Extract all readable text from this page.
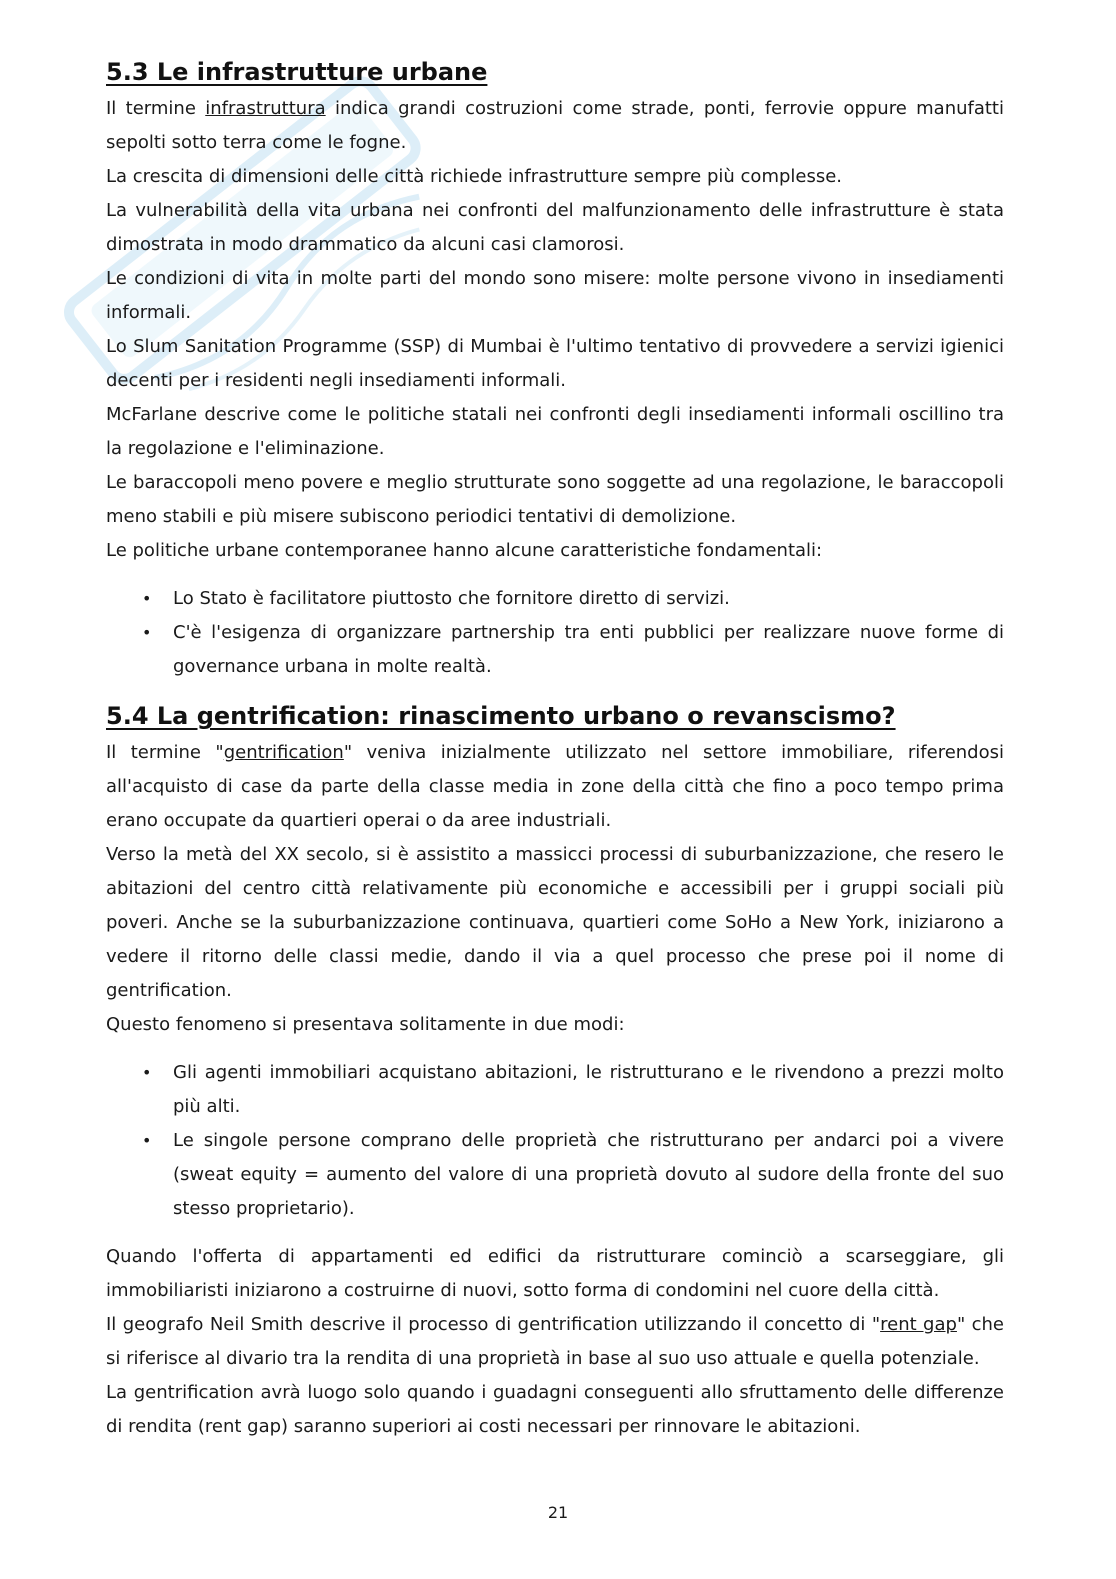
5.3 Le infrastrutture urbane

Il termine infrastruttura indica grandi costruzioni come strade, ponti, ferrovie oppure manufatti sepolti sotto terra come le fogne.

La crescita di dimensioni delle città richiede infrastrutture sempre più complesse.

La vulnerabilità della vita urbana nei confronti del malfunzionamento delle infrastrutture è stata dimostrata in modo drammatico da alcuni casi clamorosi.

Le condizioni di vita in molte parti del mondo sono misere: molte persone vivono in insediamenti informali.

Lo Slum Sanitation Programme (SSP) di Mumbai è l'ultimo tentativo di provvedere a servizi igienici decenti per i residenti negli insediamenti informali.

McFarlane descrive come le politiche statali nei confronti degli insediamenti informali oscillino tra la regolazione e l'eliminazione.

Le baraccopoli meno povere e meglio strutturate sono soggette ad una regolazione, le baraccopoli meno stabili e più misere subiscono periodici tentativi di demolizione.

Le politiche urbane contemporanee hanno alcune caratteristiche fondamentali:

• Lo Stato è facilitatore piuttosto che fornitore diretto di servizi.
• C'è l'esigenza di organizzare partnership tra enti pubblici per realizzare nuove forme di governance urbana in molte realtà.
5.4 La gentrification: rinascimento urbano o revanscismo?

Il termine "gentrification" veniva inizialmente utilizzato nel settore immobiliare, riferendosi all'acquisto di case da parte della classe media in zone della città che fino a poco tempo prima erano occupate da quartieri operai o da aree industriali.

Verso la metà del XX secolo, si è assistito a massicci processi di suburbanizzazione, che resero le abitazioni del centro città relativamente più economiche e accessibili per i gruppi sociali più poveri. Anche se la suburbanizzazione continuava, quartieri come SoHo a New York, iniziarono a vedere il ritorno delle classi medie, dando il via a quel processo che prese poi il nome di gentrification.

Questo fenomeno si presentava solitamente in due modi:

• Gli agenti immobiliari acquistano abitazioni, le ristrutturano e le rivendono a prezzi molto più alti.
• Le singole persone comprano delle proprietà che ristrutturano per andarci poi a vivere (sweat equity = aumento del valore di una proprietà dovuto al sudore della fronte del suo stesso proprietario).

Quando l'offerta di appartamenti ed edifici da ristrutturare cominciò a scarseggiare, gli immobiliaristi iniziarono a costruirne di nuovi, sotto forma di condomini nel cuore della città.

Il geografo Neil Smith descrive il processo di gentrification utilizzando il concetto di "rent gap" che si riferisce al divario tra la rendita di una proprietà in base al suo uso attuale e quella potenziale.

La gentrification avrà luogo solo quando i guadagni conseguenti allo sfruttamento delle differenze di rendita (rent gap) saranno superiori ai costi necessari per rinnovare le abitazioni.

21
